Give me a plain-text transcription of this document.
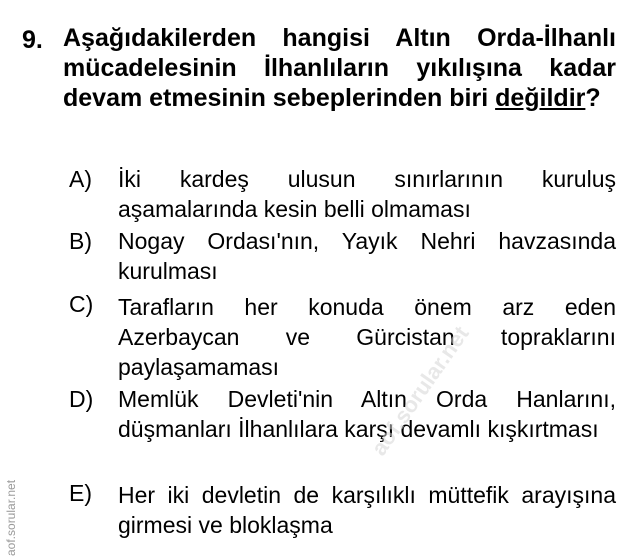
9. Aşağıdakilerden hangisi Altın Orda-İlhanlı mücadelesinin İlhanlıların yıkılışına kadar devam etmesinin sebeplerinden biri değildir?
A) İki kardeş ulusun sınırlarının kuruluş aşamalarında kesin belli olmaması
B) Nogay Ordası'nın, Yayık Nehri havzasında kurulması
C) Tarafların her konuda önem arz eden Azerbaycan ve Gürcistan topraklarını paylaşamaması
D) Memlük Devleti'nin Altın Orda Hanlarını, düşmanları İlhanlılara karşı devamlı kışkırtması
E) Her iki devletin de karşılıklı müttefik arayışına girmesi ve bloklaşma
aof.sorular.net
aof.sorular.net
